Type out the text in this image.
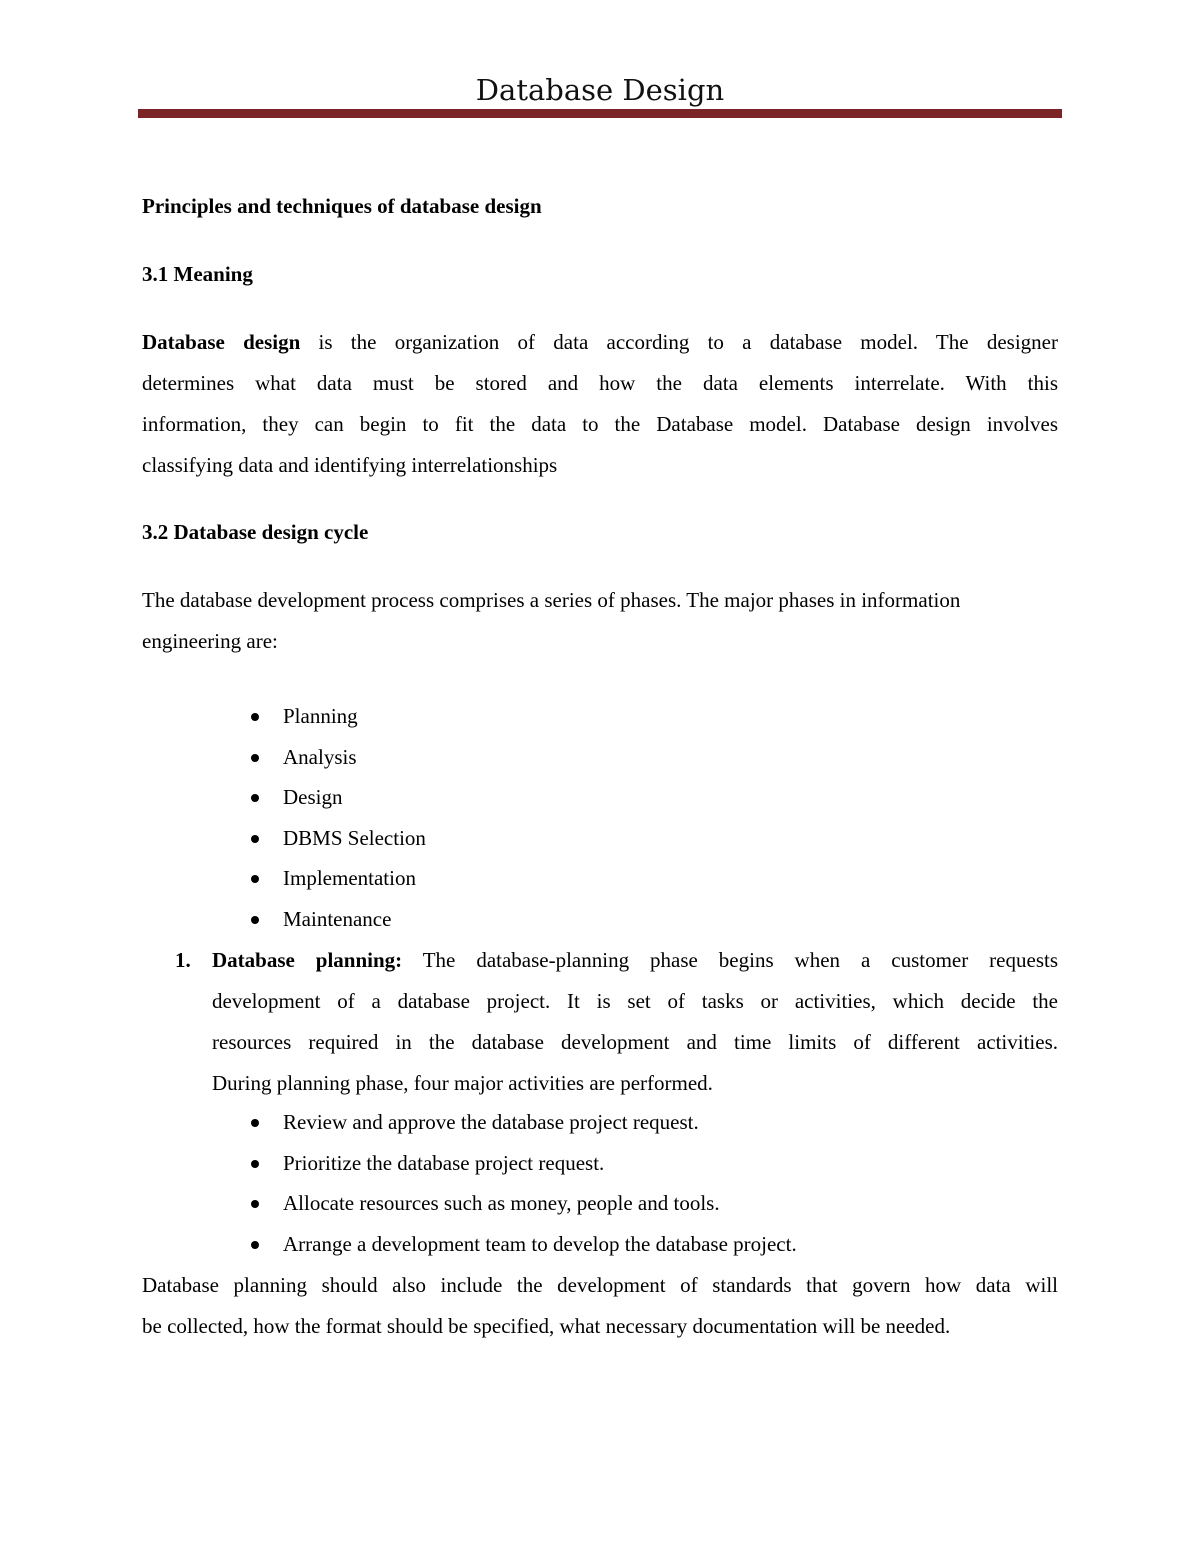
Database Design
Principles and techniques of database design
3.1 Meaning
Database design is the organization of data according to a database model. The designer
determines what data must be stored and how the data elements interrelate. With this
information, they can begin to fit the data to the Database model. Database design involves
classifying data and identifying interrelationships
3.2 Database design cycle
The database development process comprises a series of phases. The major phases in information
engineering are:
Planning
Analysis
Design
DBMS Selection
Implementation
Maintenance
1. Database planning: The database-planning phase begins when a customer requests
development of a database project. It is set of tasks or activities, which decide the
resources required in the database development and time limits of different activities.
During planning phase, four major activities are performed.
Review and approve the database project request.
Prioritize the database project request.
Allocate resources such as money, people and tools.
Arrange a development team to develop the database project.
Database planning should also include the development of standards that govern how data will
be collected, how the format should be specified, what necessary documentation will be needed.
